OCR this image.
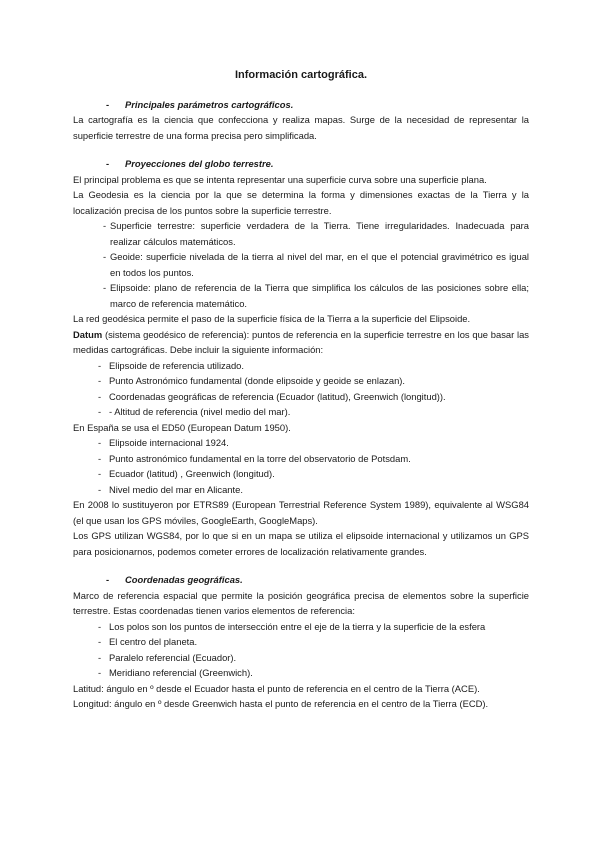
Información cartográfica.
-	Principales parámetros cartográficos.

La cartografía es la ciencia que confecciona y realiza mapas. Surge de la necesidad de representar la superficie terrestre de una forma precisa pero simplificada.

-	Proyecciones del globo terrestre.

El principal problema es que se intenta representar una superficie curva sobre una superficie plana.

La Geodesia es la ciencia por la que se determina la forma y dimensiones exactas de la Tierra y la localización precisa de los puntos sobre la superficie terrestre.

- Superficie terrestre: superficie verdadera de la Tierra. Tiene irregularidades. Inadecuada para realizar cálculos matemáticos.
- Geoide: superficie nivelada de la tierra al nivel del mar, en el que el potencial gravimétrico es igual en todos los puntos.
- Elipsoide: plano de referencia de la Tierra que simplifica los cálculos de las posiciones sobre ella; marco de referencia matemático.

La red geodésica permite el paso de la superficie física de la Tierra a la superficie del Elipsoide.

Datum (sistema geodésico de referencia): puntos de referencia en la superficie terrestre en los que basar las medidas cartográficas. Debe incluir la siguiente información:

- Elipsoide de referencia utilizado.
- Punto Astronómico fundamental (donde elipsoide y geoide se enlazan).
- Coordenadas geográficas de referencia (Ecuador (latitud), Greenwich (longitud)).
- - Altitud de referencia (nivel medio del mar).

En España se usa el ED50 (European Datum 1950).

- Elipsoide internacional 1924.
- Punto astronómico fundamental en la torre del observatorio de Potsdam.
- Ecuador (latitud) , Greenwich (longitud).
- Nivel medio del mar en Alicante.

En 2008 lo sustituyeron por ETRS89 (European Terrestrial Reference System 1989), equivalente al WSG84 (el que usan los GPS móviles, GoogleEarth, GoogleMaps).

Los GPS utilizan WGS84, por lo que si en un mapa se utiliza el elipsoide internacional y utilizamos un GPS para posicionarnos, podemos cometer errores de localización relativamente grandes.

-	Coordenadas geográficas.

Marco de referencia espacial que permite la posición geográfica precisa de elementos sobre la superficie terrestre. Estas coordenadas tienen varios elementos de referencia:

- Los polos son los puntos de intersección entre el eje de la tierra y la superficie de la esfera
- El centro del planeta.
- Paralelo referencial (Ecuador).
- Meridiano referencial (Greenwich).

Latitud: ángulo en º desde el Ecuador hasta el punto de referencia en el centro de la Tierra (ACE).

Longitud: ángulo en º desde Greenwich hasta el punto de referencia en el centro de la Tierra (ECD).
